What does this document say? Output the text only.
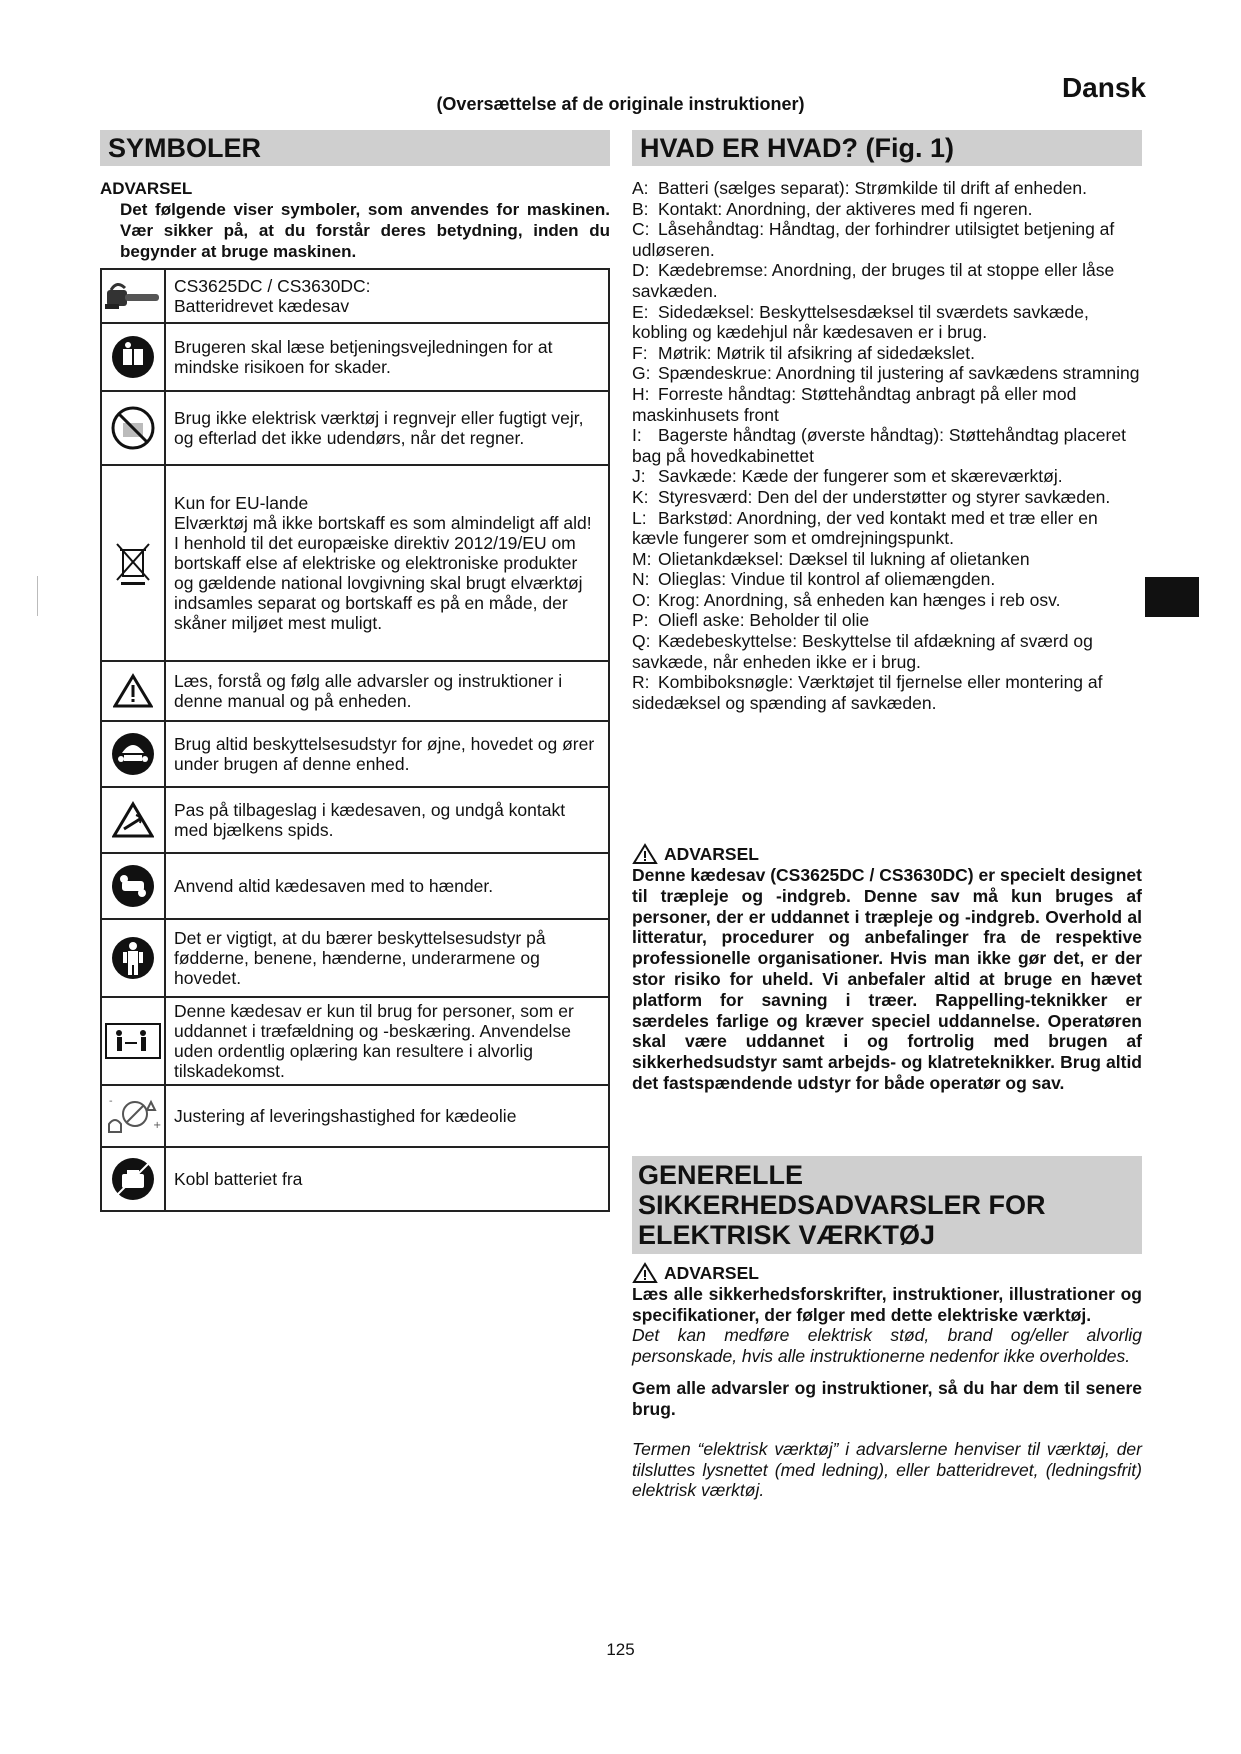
(Oversættelse af de originale instruktioner)
Dansk
SYMBOLER
ADVARSEL
Det følgende viser symboler, som anvendes for maskinen. Vær sikker på, at du forstår deres betydning, inden du begynder at bruge maskinen.

CS3625DC / CS3630DC:
Batteridrevet kædesav

	Brugeren skal læse betjeningsvejledningen for at mindske risikoen for skader.

	Brug ikke elektrisk værktøj i regnvejr eller fugtigt vejr, og efterlad det ikke udendørs, når det regner.

Kun for EU-lande
Elværktøj må ikke bortskaff es som almindeligt aff ald!
I henhold til det europæiske direktiv 2012/19/EU om bortskaff else af elektriske og elektroniske produkter og gældende national lovgivning skal brugt elværktøj indsamles separat og bortskaff es på en måde, der skåner miljøet mest muligt.

	Læs, forstå og følg alle advarsler og instruktioner i denne manual og på enheden.

	Brug altid beskyttelsesudstyr for øjne, hovedet og ører under brugen af denne enhed.

	Pas på tilbageslag i kædesaven, og undgå kontakt med bjælkens spids.

	Anvend altid kædesaven med to hænder.

	Det er vigtigt, at du bærer beskyttelsesudstyr på fødderne, benene, hænderne, underarmene og hovedet.

	Denne kædesav er kun til brug for personer, som er uddannet i træfældning og -beskæring. Anvendelse uden ordentlig oplæring kan resultere i alvorlig tilskadekomst.

+
-	Justering af leveringshastighed for kædeolie

	Kobl batteriet fra
HVAD ER HVAD? (Fig. 1)
A: Batteri (sælges separat): Strømkilde til drift af enheden.
B: Kontakt: Anordning, der aktiveres med fi ngeren.
C: Låsehåndtag: Håndtag, der forhindrer utilsigtet betjening af udløseren.
D: Kædebremse: Anordning, der bruges til at stoppe eller låse savkæden.
E: Sidedæksel: Beskyttelsesdæksel til sværdets savkæde, kobling og kædehjul når kædesaven er i brug.
F: Møtrik: Møtrik til afsikring af sidedækslet.
G: Spændeskrue: Anordning til justering af savkædens stramning
H: Forreste håndtag: Støttehåndtag anbragt på eller mod maskinhusets front
I: Bagerste håndtag (øverste håndtag): Støttehåndtag placeret bag på hovedkabinettet
J: Savkæde: Kæde der fungerer som et skæreværktøj.
K: Styresværd: Den del der understøtter og styrer savkæden.
L: Barkstød: Anordning, der ved kontakt med et træ eller en kævle fungerer som et omdrejningspunkt.
M: Olietankdæksel: Dæksel til lukning af olietanken
N: Olieglas: Vindue til kontrol af oliemængden.
O: Krog: Anordning, så enheden kan hænges i reb osv.
P: Oliefl aske: Beholder til olie
Q: Kædebeskyttelse: Beskyttelse til afdækning af sværd og savkæde, når enheden ikke er i brug.
R: Kombiboksnøgle: Værktøjet til fjernelse eller montering af sidedæksel og spænding af savkæden.
ADVARSEL
Denne kædesav (CS3625DC / CS3630DC) er specielt designet til træpleje og -indgreb. Denne sav må kun bruges af personer, der er uddannet i træpleje og -indgreb. Overhold al litteratur, procedurer og anbefalinger fra de respektive professionelle organisationer. Hvis man ikke gør det, er der stor risiko for uheld. Vi anbefaler altid at bruge en hævet platform for savning i træer. Rappelling-teknikker er særdeles farlige og kræver speciel uddannelse. Operatøren skal være uddannet i og fortrolig med brugen af sikkerhedsudstyr samt arbejds- og klatreteknikker. Brug altid det fastspændende udstyr for både operatør og sav.
GENERELLE SIKKERHEDSADVARSLER FOR ELEKTRISK VÆRKTØJ
ADVARSEL
Læs alle sikkerhedsforskrifter, instruktioner, illustrationer og specifikationer, der følger med dette elektriske værktøj.
Det kan medføre elektrisk stød, brand og/eller alvorlig personskade, hvis alle instruktionerne nedenfor ikke overholdes.
Gem alle advarsler og instruktioner, så du har dem til senere brug.
Termen “elektrisk værktøj” i advarslerne henviser til værktøj, der tilsluttes lysnettet (med ledning), eller batteridrevet, (ledningsfrit) elektrisk værktøj.
125
